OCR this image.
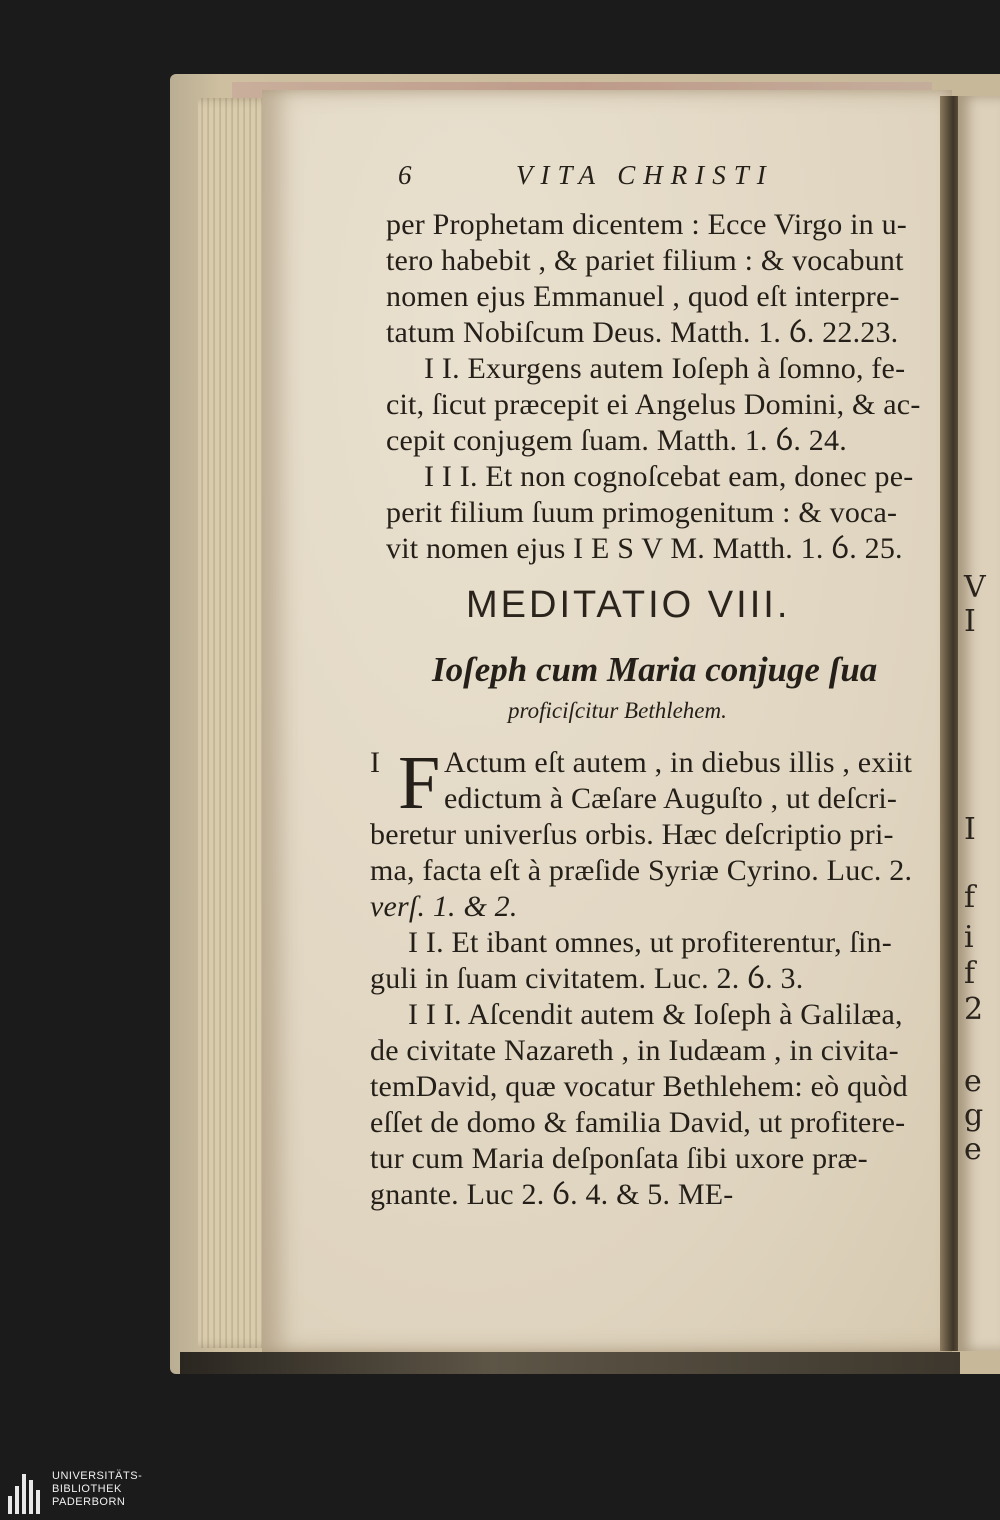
6	VITA CHRISTI
per Prophetam dicentem : Ecce Virgo in u-
tero habebit , & pariet filium : & vocabunt
nomen ejus Emmanuel , quod eſt interpre-
tatum Nobiſcum Deus. Matth. 1. ỽ. 22.23.
I I. Exurgens autem Ioſeph à ſomno, fe-
cit, ſicut præcepit ei Angelus Domini, & ac-
cepit conjugem ſuam. Matth. 1. ỽ. 24.
I I I. Et non cognoſcebat eam, donec pe-
perit filium ſuum primogenitum : & voca-
vit nomen ejus I E S V M. Matth. 1. ỽ. 25.
MEDITATIO VIII.
Ioſeph cum Maria conjuge ſua
proficiſcitur Bethlehem.
I F Actum eſt autem , in diebus illis , exiit
edictum à Cæſare Auguſto , ut deſcri-
beretur univerſus orbis. Hæc deſcriptio pri-
ma, facta eſt à præſide Syriæ Cyrino. Luc. 2.
verſ. 1. & 2.
I I. Et ibant omnes, ut profiterentur, ſin-
guli in ſuam civitatem. Luc. 2. ỽ. 3.
I I I. Aſcendit autem & Ioſeph à Galilæa,
de civitate Nazareth , in Iudæam , in civita-
temDavid, quæ vocatur Bethlehem: eò quòd
eſſet de domo & familia David, ut profitere-
tur cum Maria deſponſata ſibi uxore præ-
gnante. Luc 2. ỽ. 4. & 5. ME-
V
I
I
f
i
f
2
e
g
e
UNIVERSITÄTS-
BIBLIOTHEK
PADERBORN
